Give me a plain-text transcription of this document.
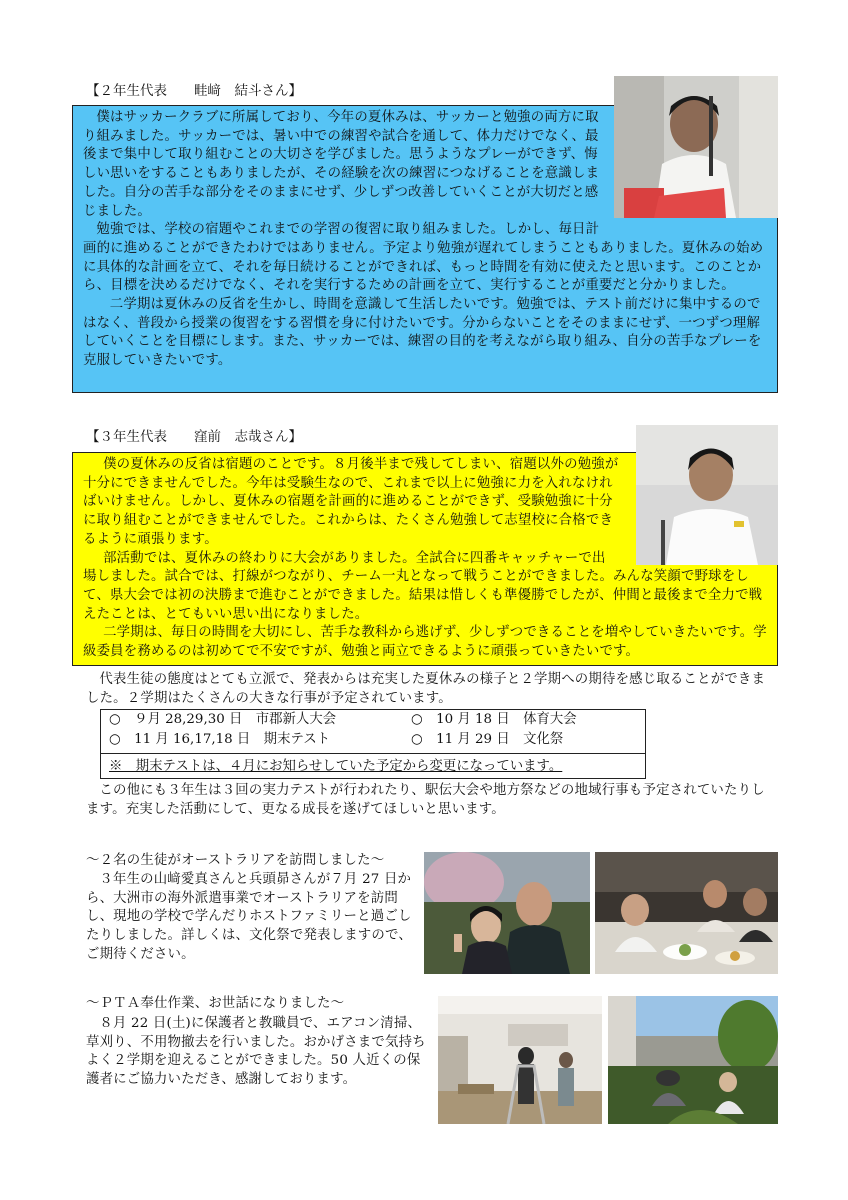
【２年生代表　　畦﨑　結斗さん】

僕はサッカークラブに所属しており、今年の夏休みは、サッカーと勉強の両方に取り組みました。サッカーでは、暑い中での練習や試合を通して、体力だけでなく、最後まで集中して取り組むことの大切さを学びました。思うようなプレーができず、悔しい思いをすることもありましたが、その経験を次の練習につなげることを意識しました。自分の苦手な部分をそのままにせず、少しずつ改善していくことが大切だと感じました。

勉強では、学校の宿題やこれまでの学習の復習に取り組みました。しかし、毎日計画的に進めることができたわけではありません。予定より勉強が遅れてしまうこともありました。夏休みの始めに具体的な計画を立て、それを毎日続けることができれば、もっと時間を有効に使えたと思います。このことから、目標を決めるだけでなく、それを実行するための計画を立て、実行することが重要だと分かりました。

二学期は夏休みの反省を生かし、時間を意識して生活したいです。勉強では、テスト前だけに集中するのではなく、普段から授業の復習をする習慣を身に付けたいです。分からないことをそのままにせず、一つずつ理解していくことを目標にします。また、サッカーでは、練習の目的を考えながら取り組み、自分の苦手なプレーを克服していきたいです。

【３年生代表　　窪前　志哉さん】

僕の夏休みの反省は宿題のことです。８月後半まで残してしまい、宿題以外の勉強が十分にできませんでした。今年は受験生なので、これまで以上に勉強に力を入れなければいけません。しかし、夏休みの宿題を計画的に進めることができず、受験勉強に十分に取り組むことができませんでした。これからは、たくさん勉強して志望校に合格できるように頑張ります。

部活動では、夏休みの終わりに大会がありました。全試合に四番キャッチャーで出場しました。試合では、打線がつながり、チーム一丸となって戦うことができました。みんな笑顔で野球をして、県大会では初の決勝まで進むことができました。結果は惜しくも準優勝でしたが、仲間と最後まで全力で戦えたことは、とてもいい思い出になりました。

二学期は、毎日の時間を大切にし、苦手な教科から逃げず、少しずつできることを増やしていきたいです。学級委員を務めるのは初めてで不安ですが、勉強と両立できるように頑張っていきたいです。

代表生徒の態度はとても立派で、発表からは充実した夏休みの様子と２学期への期待を感じ取ることができました。２学期はたくさんの大きな行事が予定されています。

○　９月 28,29,30 日　市郡新人大会	○　10 月 18 日　体育大会
○　11 月 16,17,18 日　期末テスト	○　11 月 29 日　文化祭
※　期末テストは、４月にお知らせしていた予定から変更になっています。

この他にも３年生は３回の実力テストが行われたり、駅伝大会や地方祭などの地域行事も予定されていたりします。充実した活動にして、更なる成長を遂げてほしいと思います。

～２名の生徒がオーストラリアを訪問しました～

３年生の山﨑愛真さんと兵頭昴さんが７月 27 日から、大洲市の海外派遣事業でオーストラリアを訪問し、現地の学校で学んだりホストファミリーと過ごしたりしました。詳しくは、文化祭で発表しますので、ご期待ください。

～ＰＴＡ奉仕作業、お世話になりました～

８月 22 日(土)に保護者と教職員で、エアコン清掃、草刈り、不用物撤去を行いました。おかげさまで気持ちよく２学期を迎えることができました。50 人近くの保護者にご協力いただき、感謝しております。
